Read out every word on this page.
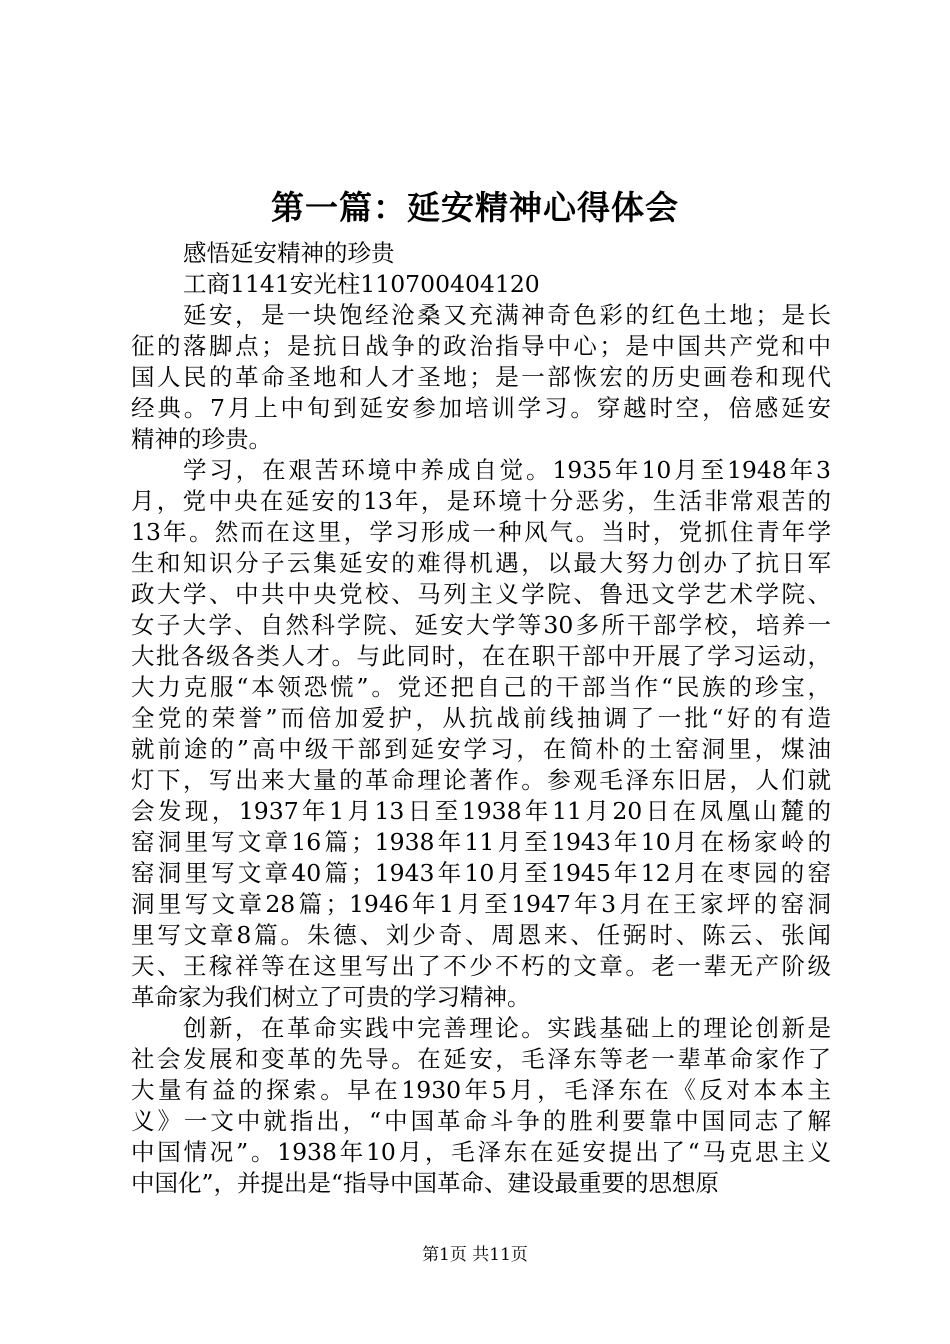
第一篇：延安精神心得体会
感悟延安精神的珍贵
工商1141安光柱110700404120
延安，是一块饱经沧桑又充满神奇色彩的红色土地；是长
征的落脚点；是抗日战争的政治指导中心；是中国共产党和中
国人民的革命圣地和人才圣地；是一部恢宏的历史画卷和现代
经典。7月上中旬到延安参加培训学习。穿越时空，倍感延安
精神的珍贵。
学习，在艰苦环境中养成自觉。1935年10月至1948年3
月，党中央在延安的13年，是环境十分恶劣，生活非常艰苦的
13年。然而在这里，学习形成一种风气。当时，党抓住青年学
生和知识分子云集延安的难得机遇，以最大努力创办了抗日军
政大学、中共中央党校、马列主义学院、鲁迅文学艺术学院、
女子大学、自然科学院、延安大学等30多所干部学校，培养一
大批各级各类人才。与此同时，在在职干部中开展了学习运动，
大力克服“本领恐慌”。党还把自己的干部当作“民族的珍宝，
全党的荣誉”而倍加爱护，从抗战前线抽调了一批“好的有造
就前途的”高中级干部到延安学习，在简朴的土窑洞里，煤油
灯下，写出来大量的革命理论著作。参观毛泽东旧居，人们就
会发现，1937年1月13日至1938年11月20日在凤凰山麓的
窑洞里写文章16篇；1938年11月至1943年10月在杨家岭的
窑洞里写文章40篇；1943年10月至1945年12月在枣园的窑
洞里写文章28篇；1946年1月至1947年3月在王家坪的窑洞
里写文章8篇。朱德、刘少奇、周恩来、任弼时、陈云、张闻
天、王稼祥等在这里写出了不少不朽的文章。老一辈无产阶级
革命家为我们树立了可贵的学习精神。
创新，在革命实践中完善理论。实践基础上的理论创新是
社会发展和变革的先导。在延安，毛泽东等老一辈革命家作了
大量有益的探索。早在1930年5月，毛泽东在《反对本本主
义》一文中就指出，“中国革命斗争的胜利要靠中国同志了解
中国情况”。1938年10月，毛泽东在延安提出了“马克思主义
中国化”，并提出是“指导中国革命、建设最重要的思想原
第1页 共11页
